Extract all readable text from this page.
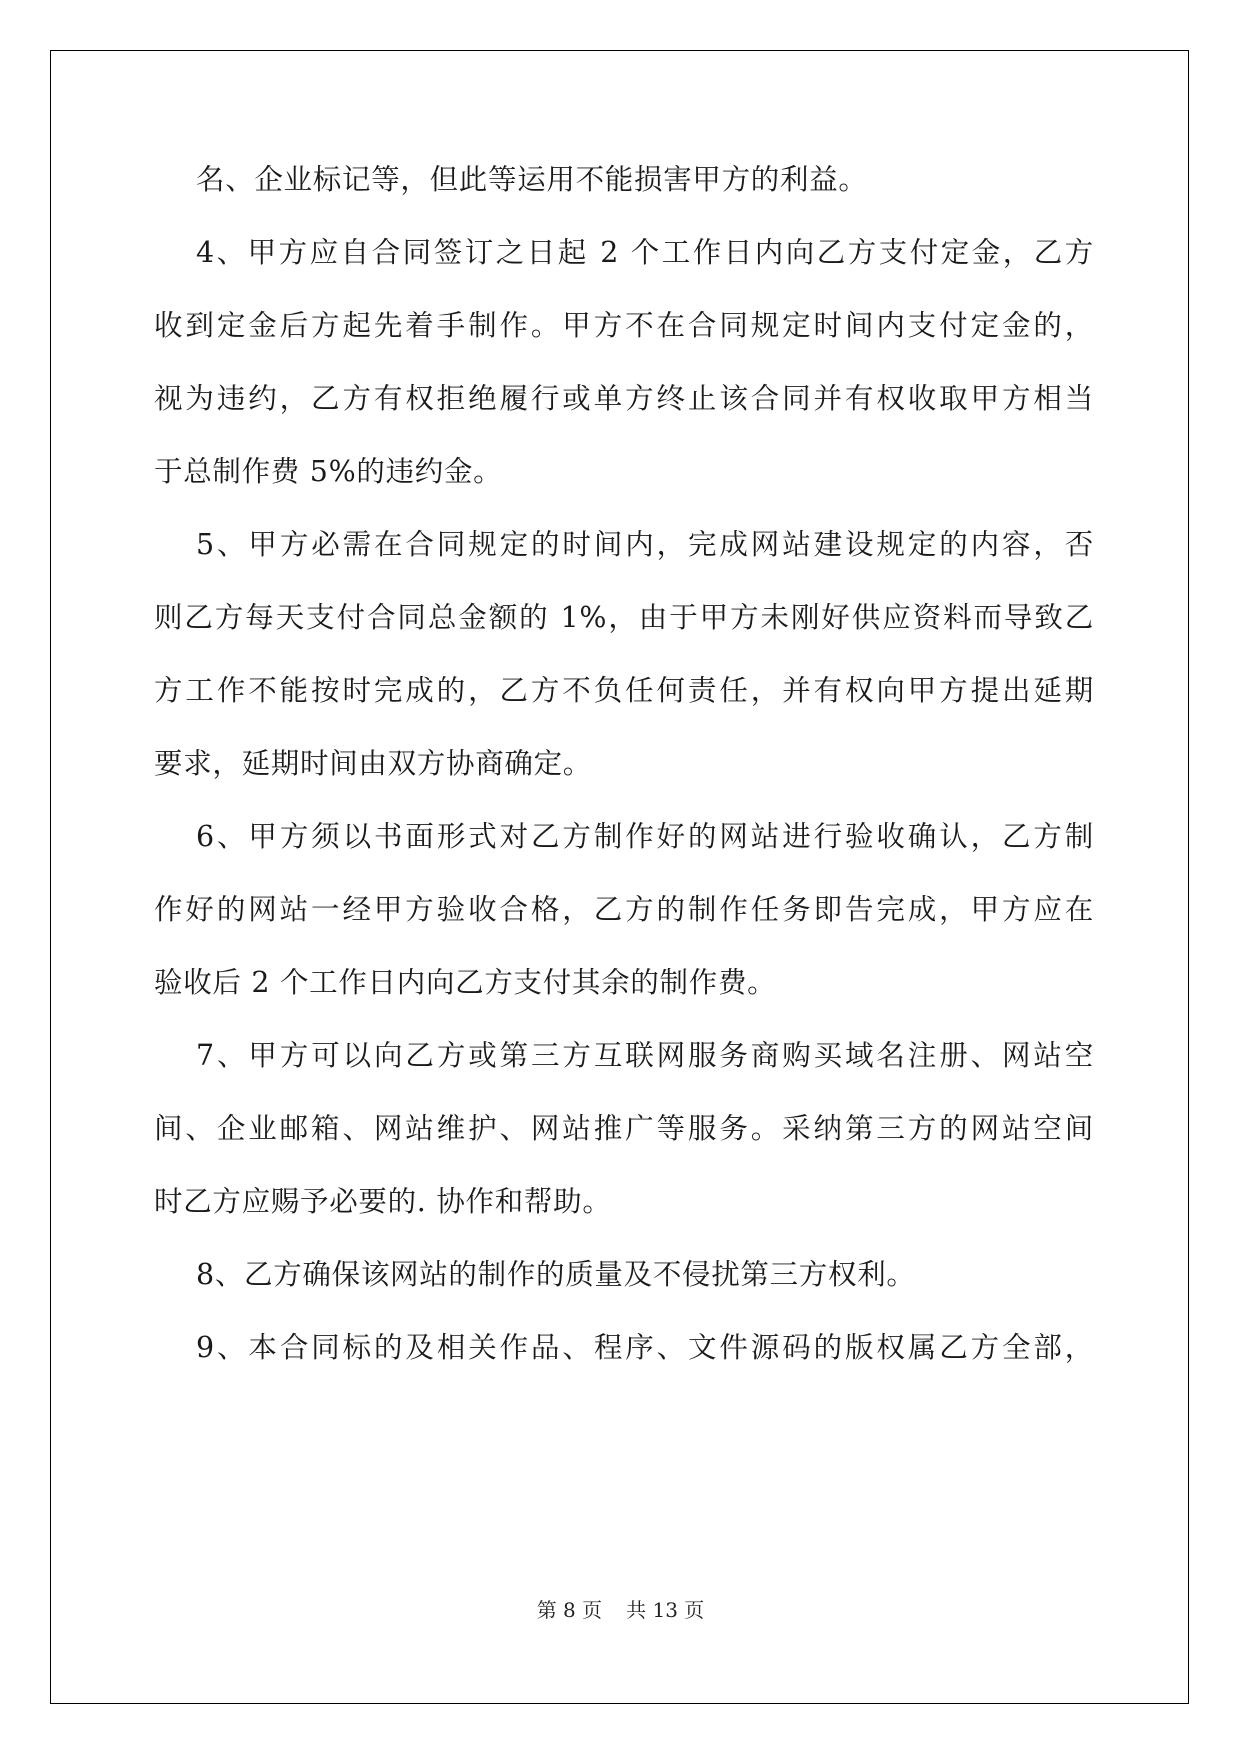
名、企业标记等，但此等运用不能损害甲方的利益。
4、甲方应自合同签订之日起 2 个工作日内向乙方支付定金，乙方
收到定金后方起先着手制作。甲方不在合同规定时间内支付定金的，
视为违约，乙方有权拒绝履行或单方终止该合同并有权收取甲方相当
于总制作费 5%的违约金。
5、甲方必需在合同规定的时间内，完成网站建设规定的内容，否
则乙方每天支付合同总金额的 1%，由于甲方未刚好供应资料而导致乙
方工作不能按时完成的，乙方不负任何责任，并有权向甲方提出延期
要求，延期时间由双方协商确定。
6、甲方须以书面形式对乙方制作好的网站进行验收确认，乙方制
作好的网站一经甲方验收合格，乙方的制作任务即告完成，甲方应在
验收后 2 个工作日内向乙方支付其余的制作费。
7、甲方可以向乙方或第三方互联网服务商购买域名注册、网站空
间、企业邮箱、网站维护、网站推广等服务。采纳第三方的网站空间
时乙方应赐予必要的. 协作和帮助。
8、乙方确保该网站的制作的质量及不侵扰第三方权利。
9、本合同标的及相关作品、程序、文件源码的版权属乙方全部，
第 8 页 共 13 页
